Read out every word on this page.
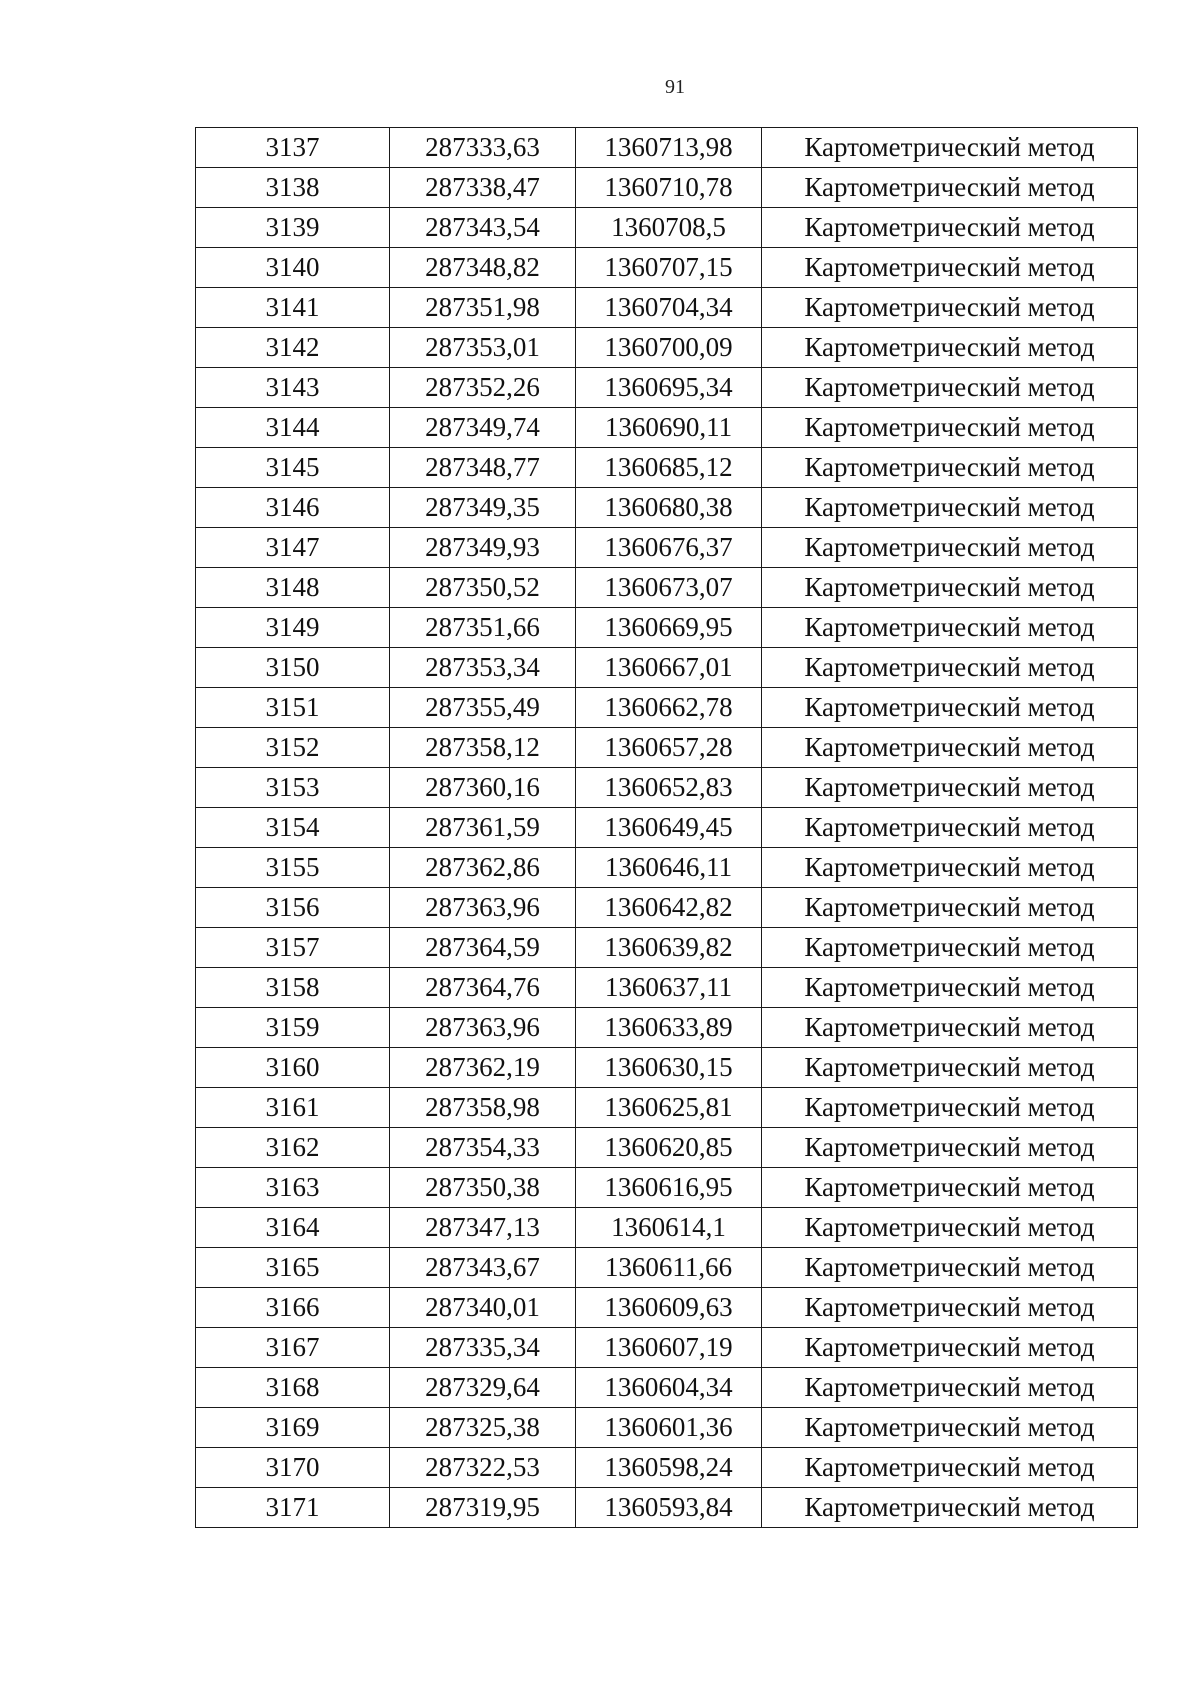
91
3137	287333,63	1360713,98	Картометрический метод
3138	287338,47	1360710,78	Картометрический метод
3139	287343,54	1360708,5	Картометрический метод
3140	287348,82	1360707,15	Картометрический метод
3141	287351,98	1360704,34	Картометрический метод
3142	287353,01	1360700,09	Картометрический метод
3143	287352,26	1360695,34	Картометрический метод
3144	287349,74	1360690,11	Картометрический метод
3145	287348,77	1360685,12	Картометрический метод
3146	287349,35	1360680,38	Картометрический метод
3147	287349,93	1360676,37	Картометрический метод
3148	287350,52	1360673,07	Картометрический метод
3149	287351,66	1360669,95	Картометрический метод
3150	287353,34	1360667,01	Картометрический метод
3151	287355,49	1360662,78	Картометрический метод
3152	287358,12	1360657,28	Картометрический метод
3153	287360,16	1360652,83	Картометрический метод
3154	287361,59	1360649,45	Картометрический метод
3155	287362,86	1360646,11	Картометрический метод
3156	287363,96	1360642,82	Картометрический метод
3157	287364,59	1360639,82	Картометрический метод
3158	287364,76	1360637,11	Картометрический метод
3159	287363,96	1360633,89	Картометрический метод
3160	287362,19	1360630,15	Картометрический метод
3161	287358,98	1360625,81	Картометрический метод
3162	287354,33	1360620,85	Картометрический метод
3163	287350,38	1360616,95	Картометрический метод
3164	287347,13	1360614,1	Картометрический метод
3165	287343,67	1360611,66	Картометрический метод
3166	287340,01	1360609,63	Картометрический метод
3167	287335,34	1360607,19	Картометрический метод
3168	287329,64	1360604,34	Картометрический метод
3169	287325,38	1360601,36	Картометрический метод
3170	287322,53	1360598,24	Картометрический метод
3171	287319,95	1360593,84	Картометрический метод
